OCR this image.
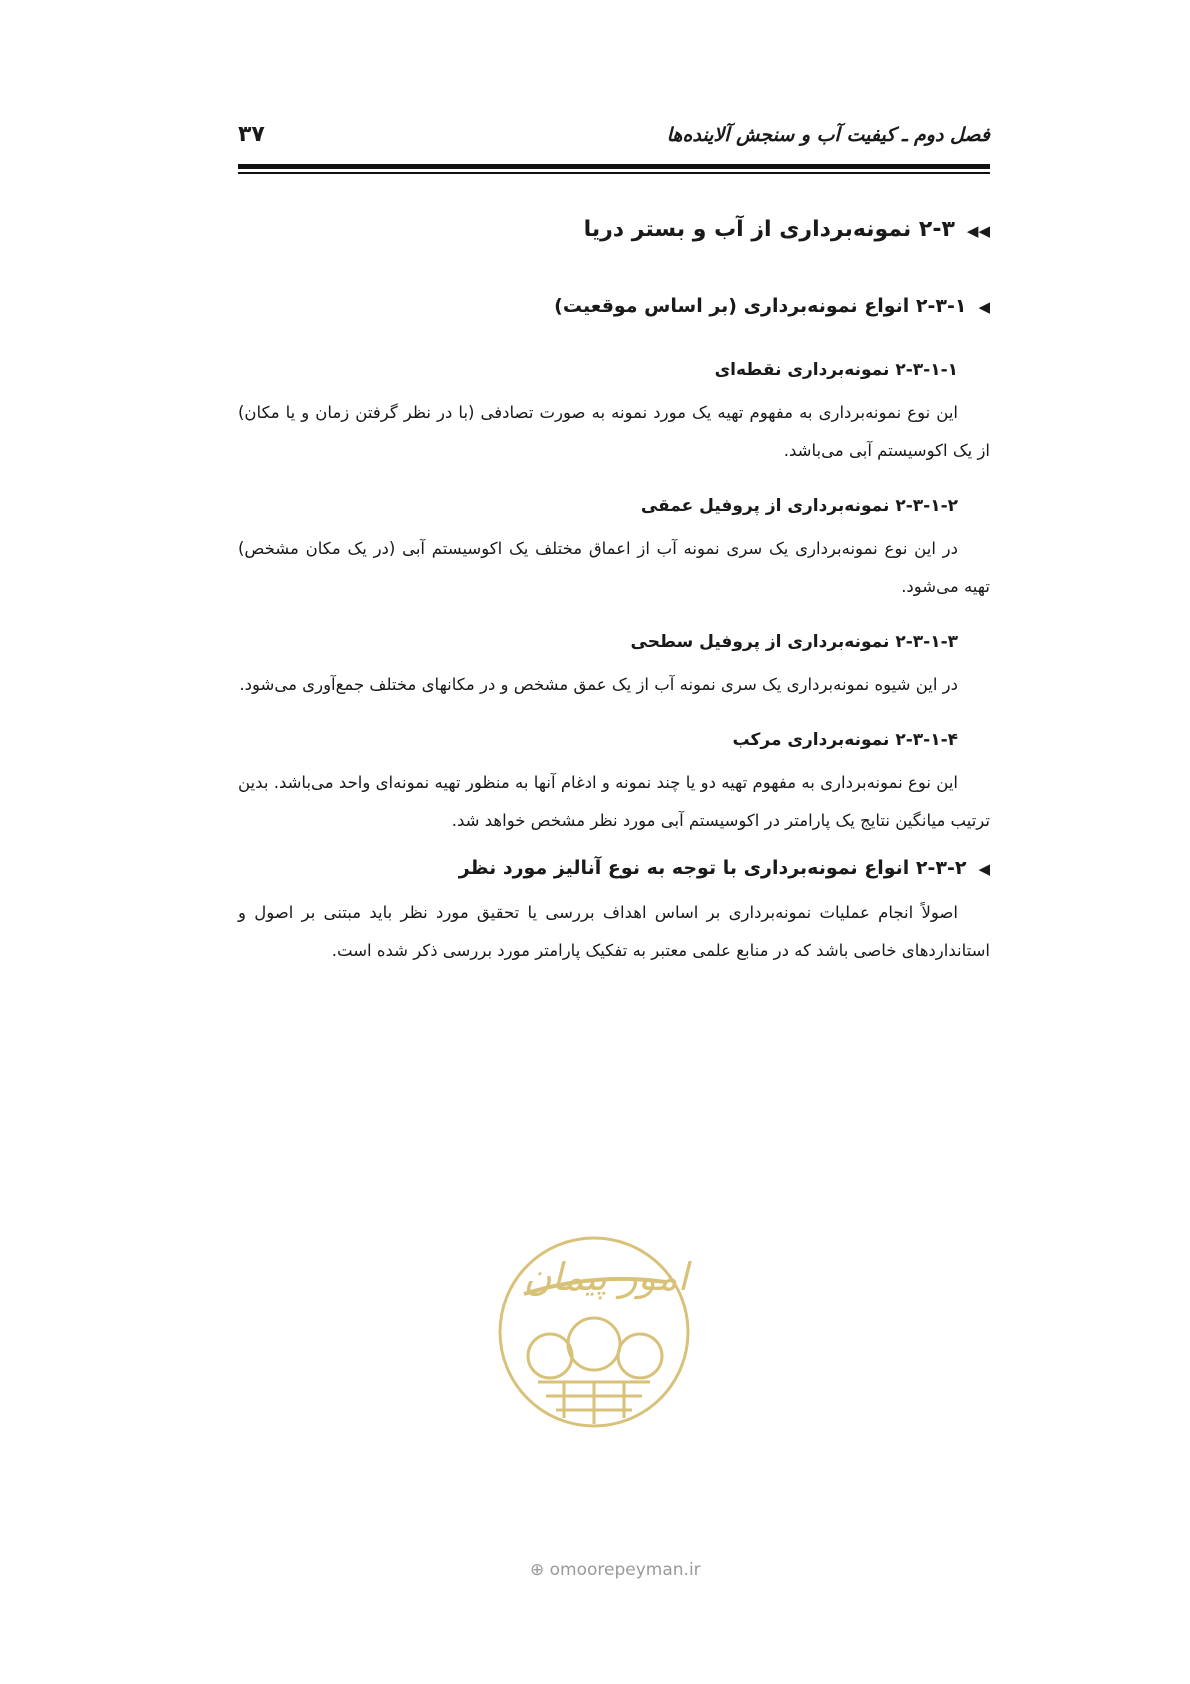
فصل دوم ـ کیفیت آب و سنجش آلاینده‌ها
۳۷
◀◀۲-۳ نمونه‌برداری از آب و بستر دریا
◀۲-۳-۱ انواع نمونه‌برداری (بر اساس موقعیت)
۲-۳-۱-۱ نمونه‌برداری نقطه‌ای

این نوع نمونه‌برداری به مفهوم تهیه یک مورد نمونه به صورت تصادفی (با در نظر گرفتن زمان و یا مکان) از یک اکوسیستم آبی می‌باشد.

۲-۳-۱-۲ نمونه‌برداری از پروفیل عمقی

در این نوع نمونه‌برداری یک سری نمونه آب از اعماق مختلف یک اکوسیستم آبی (در یک مکان مشخص) تهیه می‌شود.

۲-۳-۱-۳ نمونه‌برداری از پروفیل سطحی

در این شیوه نمونه‌برداری یک سری نمونه آب از یک عمق مشخص و در مکانهای مختلف جمع‌آوری می‌شود.

۲-۳-۱-۴ نمونه‌برداری مرکب

این نوع نمونه‌برداری به مفهوم تهیه دو یا چند نمونه و ادغام آنها به منظور تهیه نمونه‌ای واحد می‌باشد. بدین ترتیب میانگین نتایج یک پارامتر در اکوسیستم آبی مورد نظر مشخص خواهد شد.

◀۲-۳-۲ انواع نمونه‌برداری با توجه به نوع آنالیز مورد نظر

اصولاً انجام عملیات نمونه‌برداری بر اساس اهداف بررسی یا تحقیق مورد نظر باید مبتنی بر اصول و استانداردهای خاصی باشد که در منابع علمی معتبر به تفکیک پارامتر مورد بررسی ذکر شده است.

امور پیمان
⊕ omoorepeyman.ir
